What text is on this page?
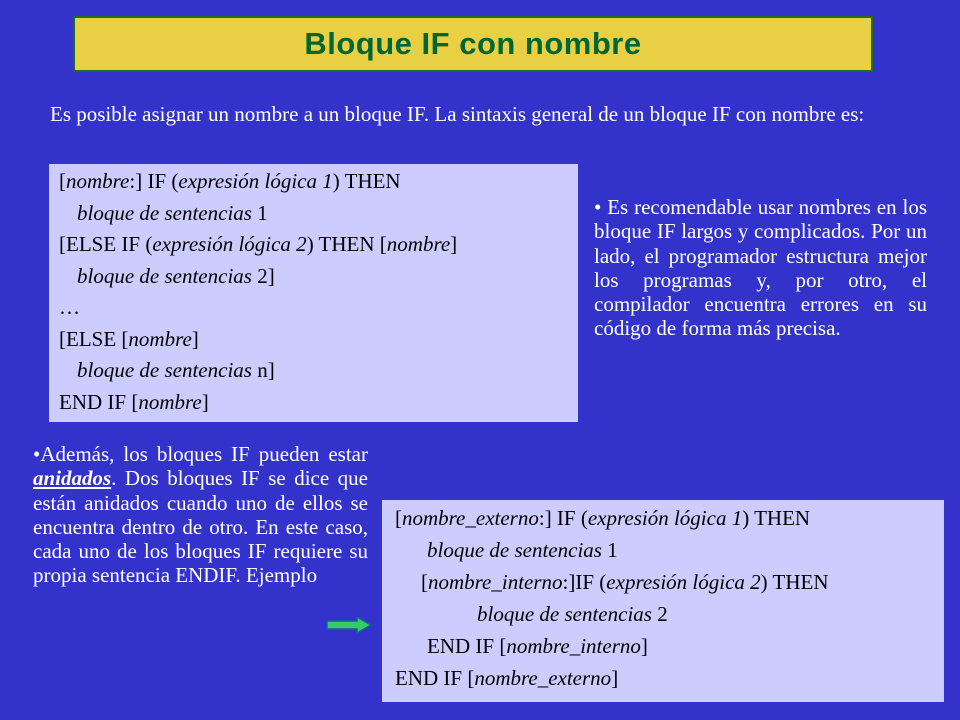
Bloque IF con nombre

Es posible asignar un nombre a un bloque IF. La sintaxis general de un bloque IF con nombre es:

[nombre:] IF (expresión lógica 1) THEN
bloque de sentencias 1
[ELSE IF (expresión lógica 2) THEN [nombre]
bloque de sentencias 2]
…
[ELSE [nombre]
bloque de sentencias n]
END IF [nombre]

• Es recomendable usar nombres en los bloque IF largos y complicados. Por un lado, el programador estructura mejor los programas y, por otro, el compilador encuentra errores en su código de forma más precisa.

•Además, los bloques IF pueden estar anidados. Dos bloques IF se dice que están anidados cuando uno de ellos se encuentra dentro de otro. En este caso, cada uno de los bloques IF requiere su propia sentencia ENDIF. Ejemplo

[nombre_externo:] IF (expresión lógica 1) THEN
bloque de sentencias 1
[nombre_interno:]IF (expresión lógica 2) THEN
bloque de sentencias 2
END IF [nombre_interno]
END IF [nombre_externo]
